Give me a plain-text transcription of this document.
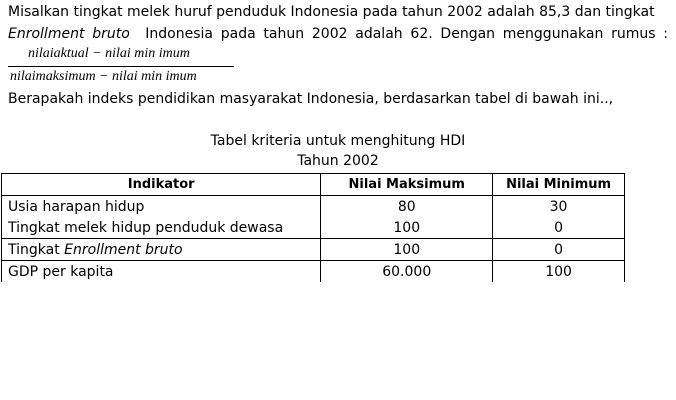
Misalkan tingkat melek huruf penduduk Indonesia pada tahun 2002 adalah 85,3 dan tingkat
Enrollment bruto Indonesia pada tahun 2002 adalah 62. Dengan menggunakan rumus :
nilaiaktual − nilai min imum
nilaimaksimum − nilai min imum
Berapakah indeks pendidikan masyarakat Indonesia, berdasarkan tabel di bawah ini..,
Tabel kriteria untuk menghitung HDI
Tahun 2002
Indikator	Nilai Maksimum	Nilai Minimum
Usia harapan hidup	80	30
Tingkat melek hidup penduduk dewasa	100	0
Tingkat Enrollment bruto	100	0
GDP per kapita	60.000	100
